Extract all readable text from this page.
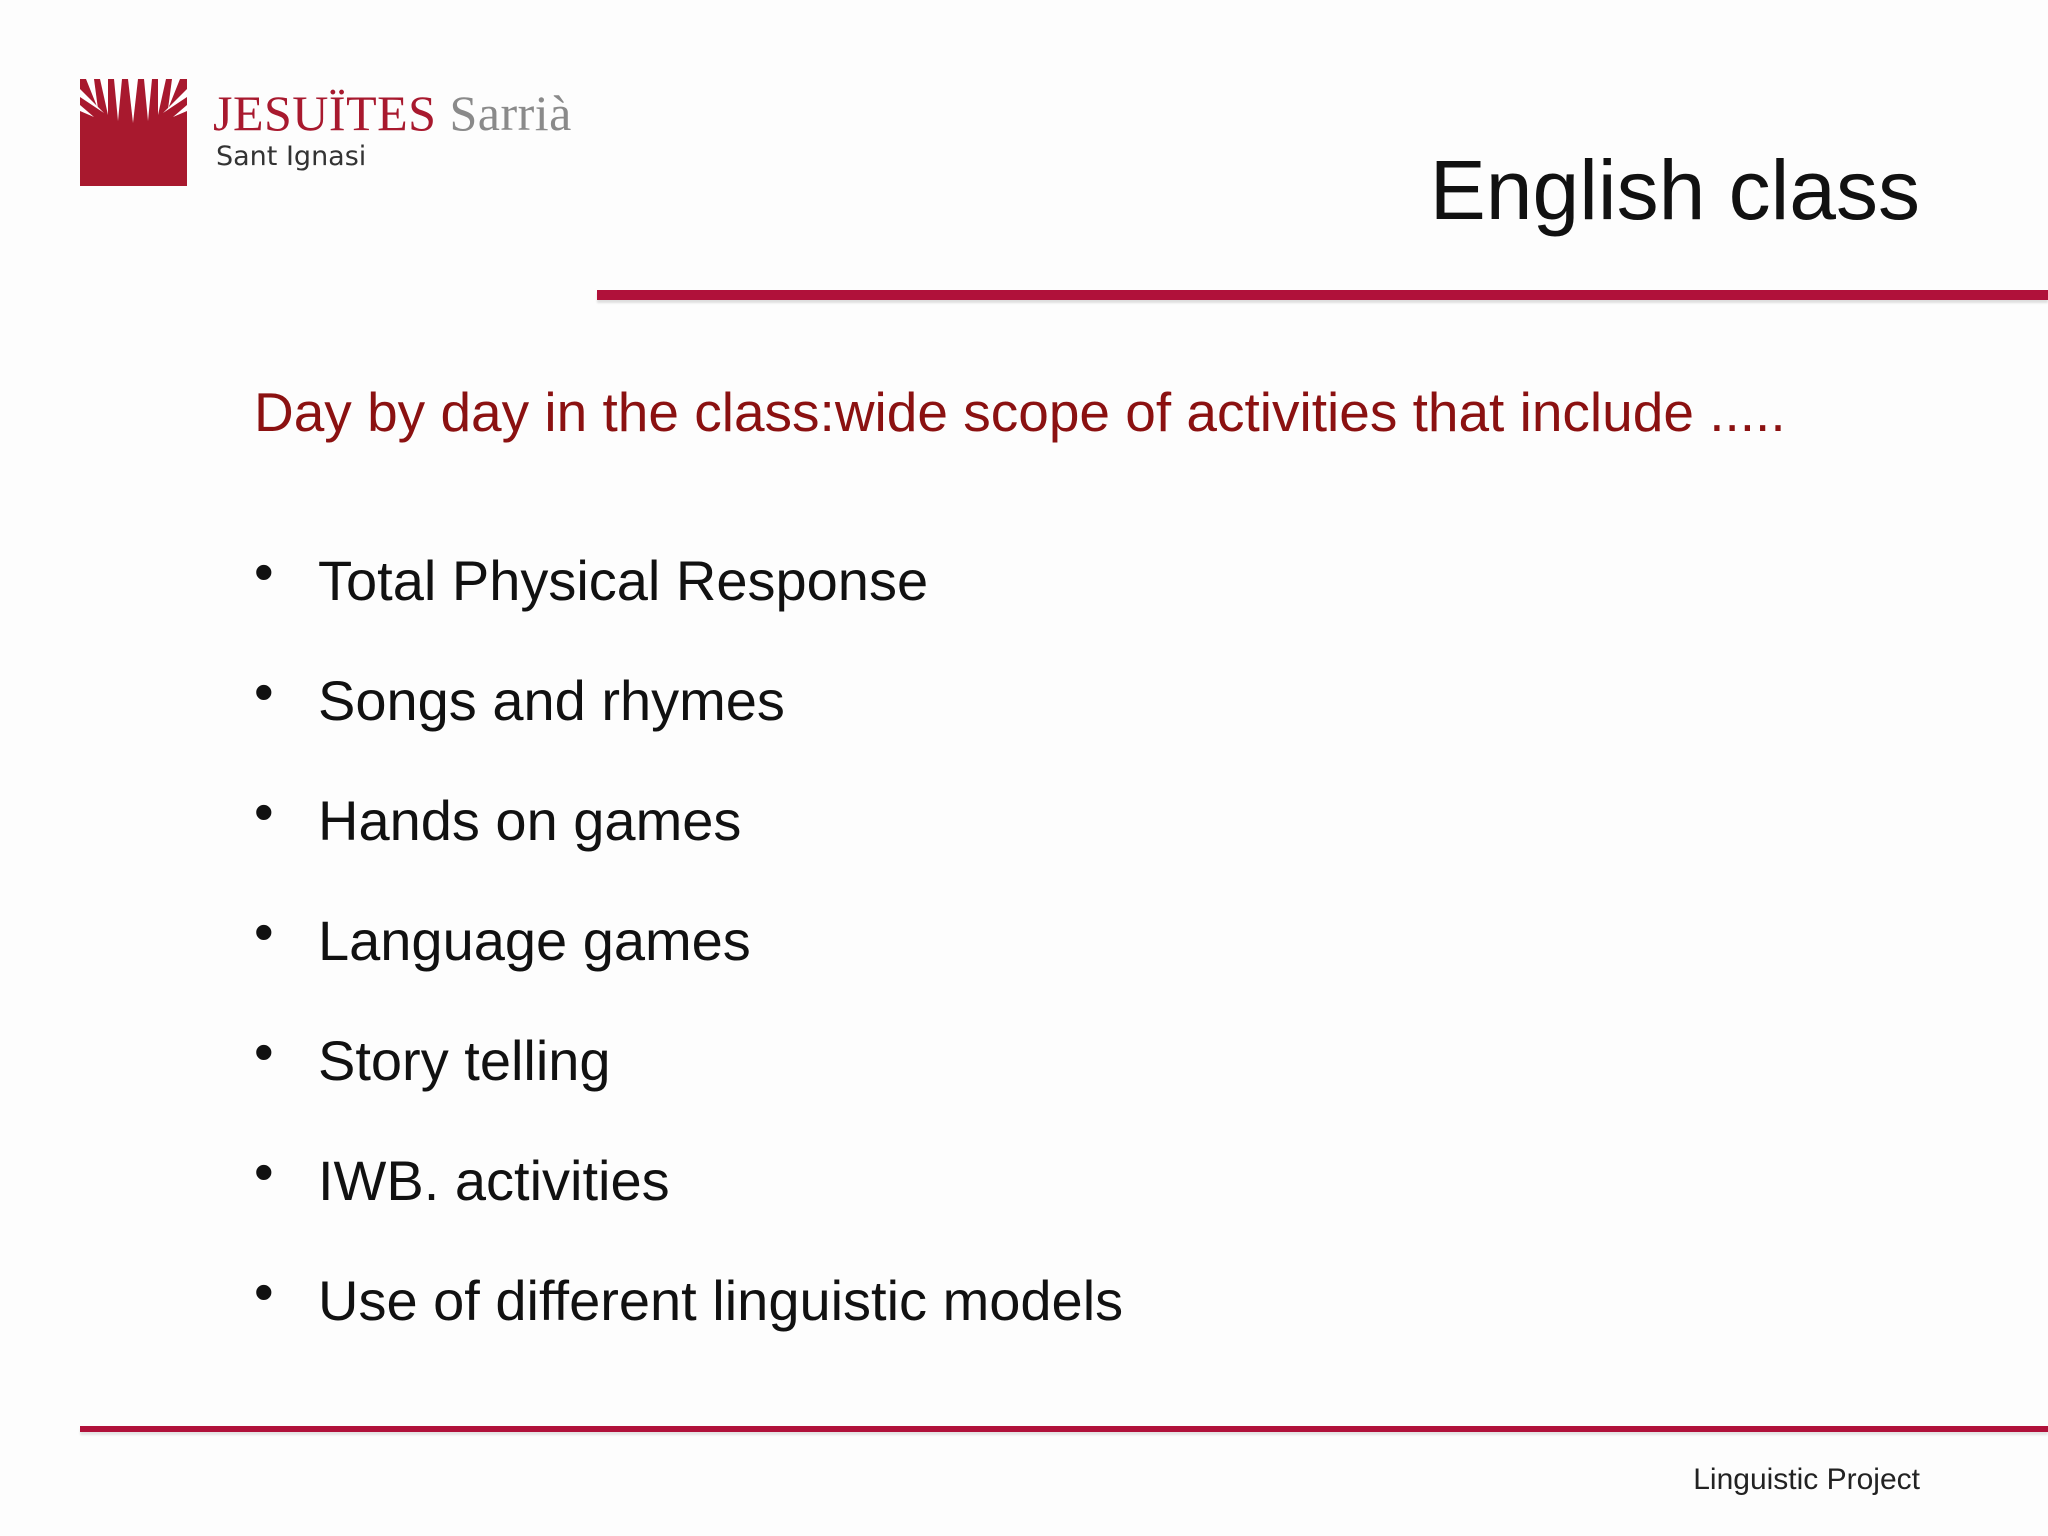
JESUÏTES Sarrià
Sant Ignasi	English class
Day by day in the class:wide scope of activities that include .....
• Total Physical Response
• Songs and rhymes
• Hands on games
• Language games
• Story telling
• IWB. activities
• Use of different linguistic models
Linguistic Project
